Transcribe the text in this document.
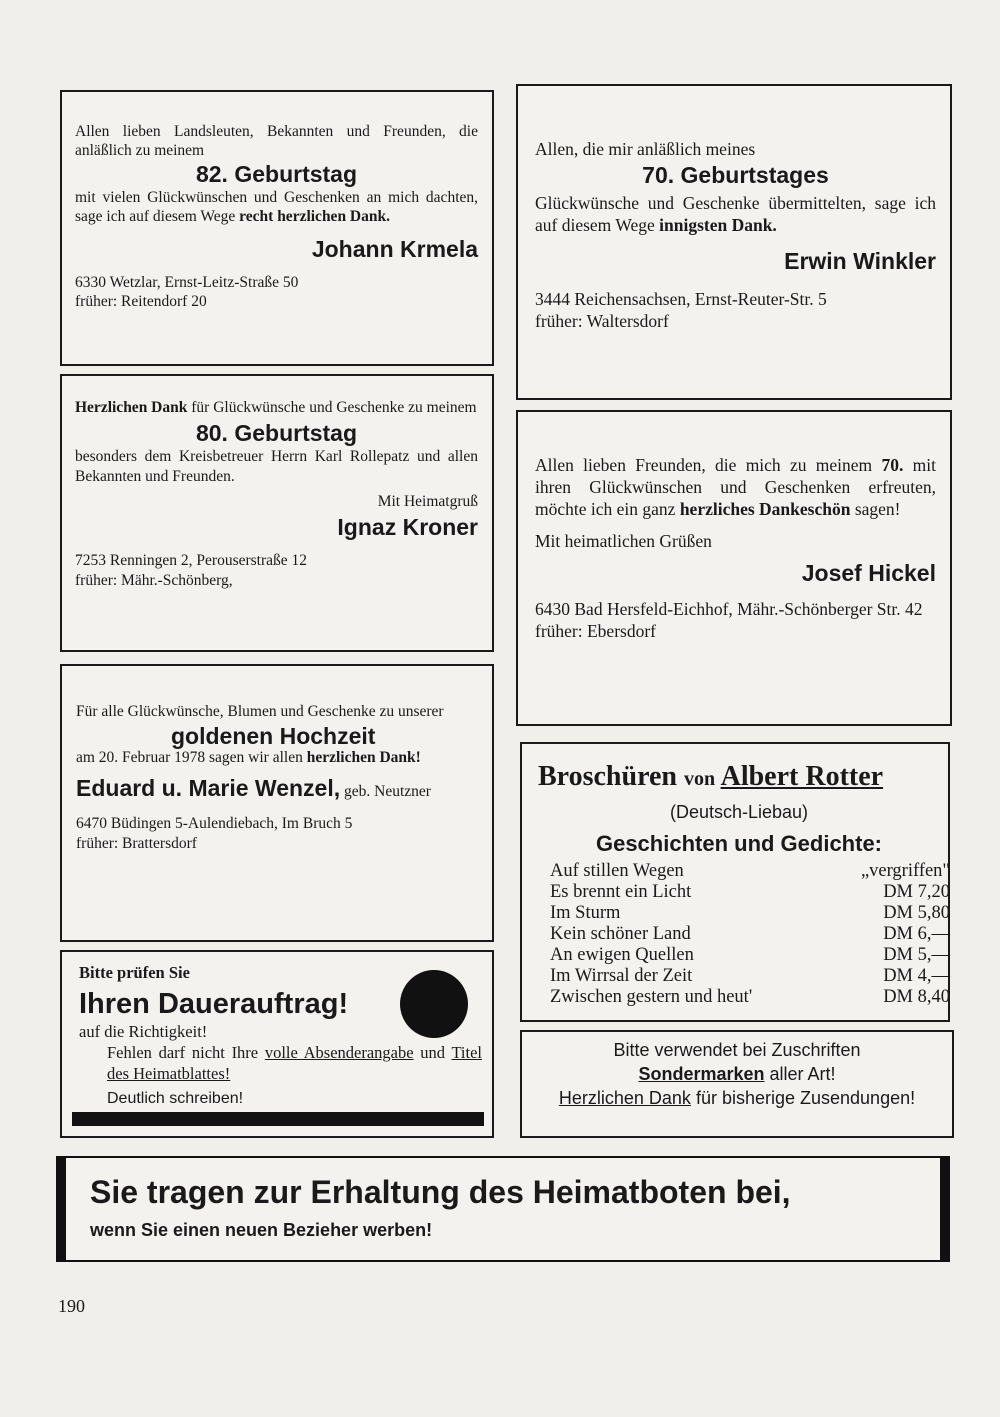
Allen lieben Landsleuten, Bekannten und Freunden, die anläßlich zu meinem

82. Geburtstag

mit vielen Glückwünschen und Geschenken an mich dachten, sage ich auf diesem Wege recht herzlichen Dank.

Johann Krmela

6330 Wetzlar, Ernst-Leitz-Straße 50

früher: Reitendorf 20

Herzlichen Dank für Glückwünsche und Geschenke zu meinem

80. Geburtstag

besonders dem Kreisbetreuer Herrn Karl Rollepatz und allen Bekannten und Freunden.

Mit Heimatgruß

Ignaz Kroner

7253 Renningen 2, Perouserstraße 12

früher: Mähr.-Schönberg,

Für alle Glückwünsche, Blumen und Geschenke zu unserer

goldenen Hochzeit

am 20. Februar 1978 sagen wir allen herzlichen Dank!

Eduard u. Marie Wenzel, geb. Neutzner

6470 Büdingen 5-Aulendiebach, Im Bruch 5

früher: Brattersdorf

Bitte prüfen Sie

Ihren Dauerauftrag!

auf die Richtigkeit!

Fehlen darf nicht Ihre volle Absenderangabe und Titel des Heimatblattes!

Deutlich schreiben!

Allen, die mir anläßlich meines

70. Geburtstages

Glückwünsche und Geschenke übermittelten, sage ich auf diesem Wege innigsten Dank.

Erwin Winkler

3444 Reichensachsen, Ernst-Reuter-Str. 5

früher: Waltersdorf

Allen lieben Freunden, die mich zu meinem 70. mit ihren Glückwünschen und Geschenken erfreuten, möchte ich ein ganz herzliches Dankeschön sagen!

Mit heimatlichen Grüßen

Josef Hickel

6430 Bad Hersfeld-Eichhof, Mähr.-Schönberger Str. 42

früher: Ebersdorf

Broschüren von Albert Rotter

(Deutsch-Liebau)

Geschichten und Gedichte:

Auf stillen Wegen	„vergriffen"
Es brennt ein Licht	DM 7,20
Im Sturm	DM 5,80
Kein schöner Land	DM 6,—
An ewigen Quellen	DM 5,—
Im Wirrsal der Zeit	DM 4,—
Zwischen gestern und heut'	DM 8,40

Bitte verwendet bei Zuschriften

Sondermarken aller Art!

Herzlichen Dank für bisherige Zusendungen!

Sie tragen zur Erhaltung des Heimatboten bei,

wenn Sie einen neuen Bezieher werben!

190
